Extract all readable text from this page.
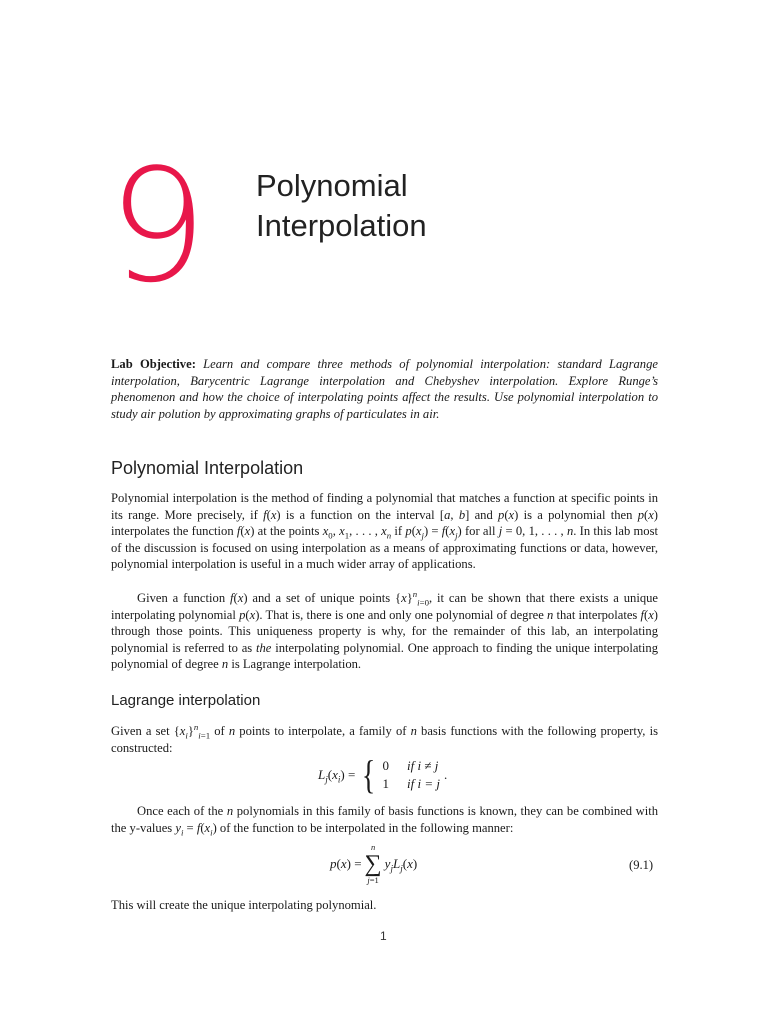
9 Polynomial
Interpolation
Lab Objective: Learn and compare three methods of polynomial interpolation: standard Lagrange interpolation, Barycentric Lagrange interpolation and Chebyshev interpolation. Explore Runge’s phenomenon and how the choice of interpolating points affect the results. Use polynomial interpolation to study air polution by approximating graphs of particulates in air.
Polynomial Interpolation

Polynomial interpolation is the method of finding a polynomial that matches a function at specific points in its range. More precisely, if f(x) is a function on the interval [a, b] and p(x) is a polynomial then p(x) interpolates the function f(x) at the points $x_0$, $x_1$, . . . , $x_n$ if $p(x_j) = f(x_j)$ for all j = 0, 1, . . . , n. In this lab most of the discussion is focused on using interpolation as a means of approximating functions or data, however, polynomial interpolation is useful in a much wider array of applications.

Given a function f(x) and a set of unique points $\{x\}^n_{i=0}$, it can be shown that there exists a unique interpolating polynomial p(x). That is, there is one and only one polynomial of degree n that interpolates f(x) through those points. This uniqueness property is why, for the remainder of this lab, an interpolating polynomial is referred to as the interpolating polynomial. One approach to finding the unique interpolating polynomial of degree n is Lagrange interpolation.

Lagrange interpolation

Given a set $\{x_i\}^n_{i=1}$ of n points to interpolate, a family of n basis functions with the following property, is constructed:

$L_j$ ( $x_i$ ) = { 0 if i ≠ j
1 if i = j
.

Once each of the n polynomials in this family of basis functions is known, they can be combined with the y-values $y_i = f(x_i)$ of the function to be interpolated in the following manner:

p ( x ) =
n
∑
j=1
$y_jL_j$ ( x )	(9.1)

This will create the unique interpolating polynomial.

1
